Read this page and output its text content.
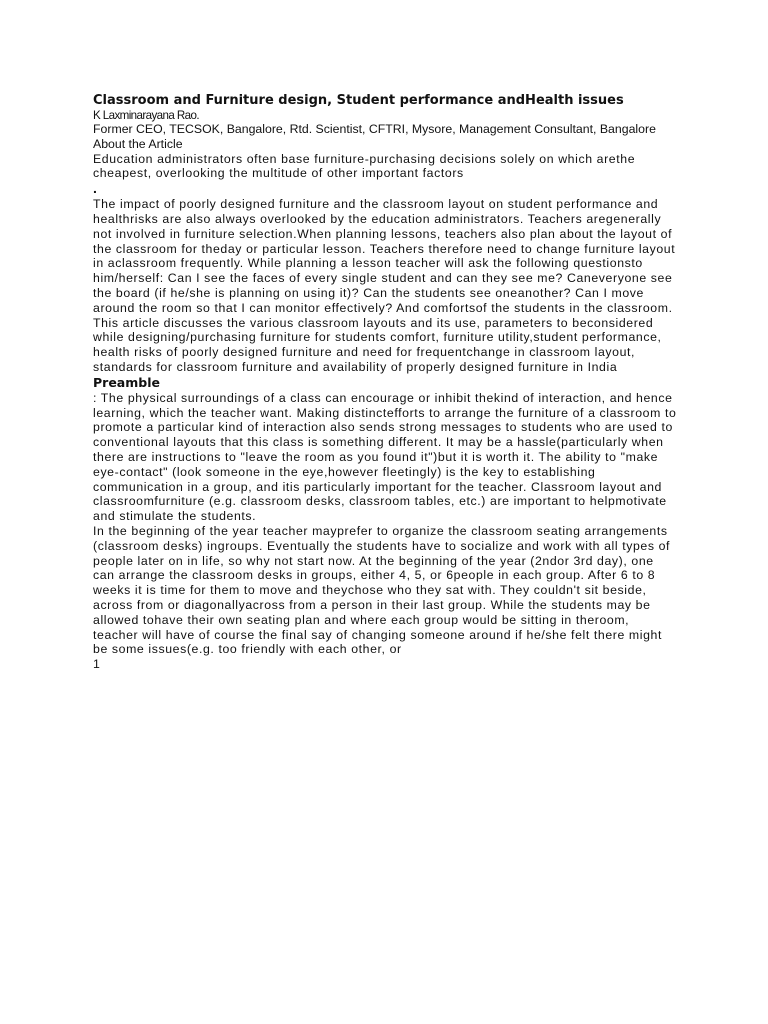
Classroom and Furniture design, Student performance andHealth issues

K Laxminarayana Rao.

Former CEO, TECSOK, Bangalore, Rtd. Scientist, CFTRI, Mysore, Management Consultant, Bangalore

About the Article

Education administrators often base furniture-purchasing decisions solely on which arethe cheapest, overlooking the multitude of other important factors

.

The impact of poorly designed furniture and the classroom layout on student performance and healthrisks are also always overlooked by the education administrators. Teachers aregenerally not involved in furniture selection.When planning lessons, teachers also plan about the layout of the classroom for theday or particular lesson. Teachers therefore need to change furniture layout in aclassroom frequently. While planning a lesson teacher will ask the following questionsto him/herself: Can I see the faces of every single student and can they see me? Caneveryone see the board (if he/she is planning on using it)? Can the students see oneanother? Can I move around the room so that I can monitor effectively? And comfortsof the students in the classroom. This article discusses the various classroom layouts and its use, parameters to beconsidered while designing/purchasing furniture for students comfort, furniture utility,student performance, health risks of poorly designed furniture and need for frequentchange in classroom layout, standards for classroom furniture and availability of properly designed furniture in India

Preamble

: The physical surroundings of a class can encourage or inhibit thekind of interaction, and hence learning, which the teacher want. Making distinctefforts to arrange the furniture of a classroom to promote a particular kind of interaction also sends strong messages to students who are used to conventional layouts that this class is something different. It may be a hassle(particularly when there are instructions to "leave the room as you found it")but it is worth it. The ability to "make eye-contact" (look someone in the eye,however fleetingly) is the key to establishing communication in a group, and itis particularly important for the teacher. Classroom layout and classroomfurniture (e.g. classroom desks, classroom tables, etc.) are important to helpmotivate and stimulate the students.

In the beginning of the year teacher mayprefer to organize the classroom seating arrangements (classroom desks) ingroups. Eventually the students have to socialize and work with all types of people later on in life, so why not start now. At the beginning of the year (2ndor 3rd day), one can arrange the classroom desks in groups, either 4, 5, or 6people in each group. After 6 to 8 weeks it is time for them to move and theychose who they sat with. They couldn't sit beside, across from or diagonallyacross from a person in their last group. While the students may be allowed tohave their own seating plan and where each group would be sitting in theroom, teacher will have of course the final say of changing someone around if he/she felt there might be some issues(e.g. too friendly with each other, or

1
